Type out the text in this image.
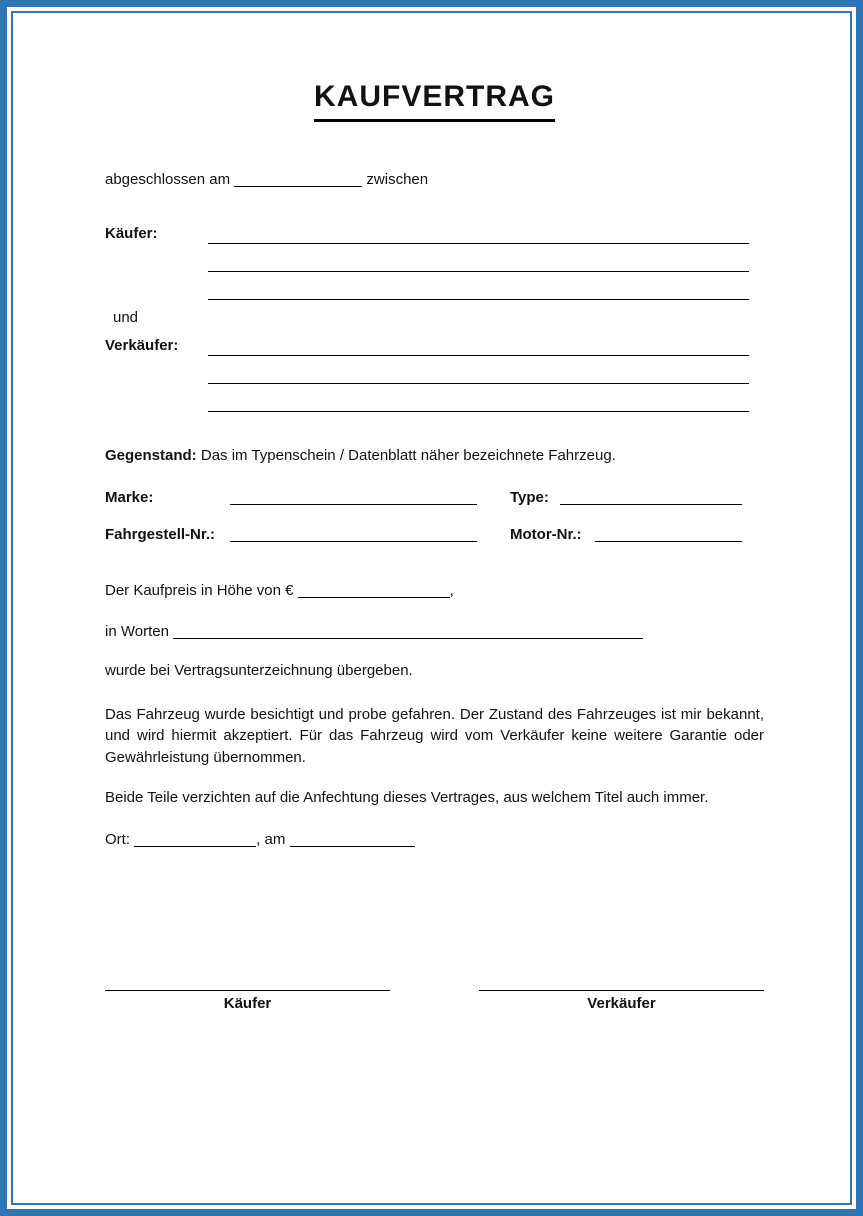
KAUFVERTRAG
abgeschlossen am	zwischen
Käufer:
und
Verkäufer:
Gegenstand: Das im Typenschein / Datenblatt näher bezeichnete Fahrzeug.
Marke:	Type:
Fahrgestell-Nr.:	Motor-Nr.:
Der Kaufpreis in Höhe von €	,
in Worten
wurde bei Vertragsunterzeichnung übergeben.
Das Fahrzeug wurde besichtigt und probe gefahren. Der Zustand des Fahrzeuges ist mir bekannt, und wird hiermit akzeptiert. Für das Fahrzeug wird vom Verkäufer keine weitere Garantie oder Gewährleistung übernommen.
Beide Teile verzichten auf die Anfechtung dieses Vertrages, aus welchem Titel auch immer.
Ort:	, am
Käufer	Verkäufer
